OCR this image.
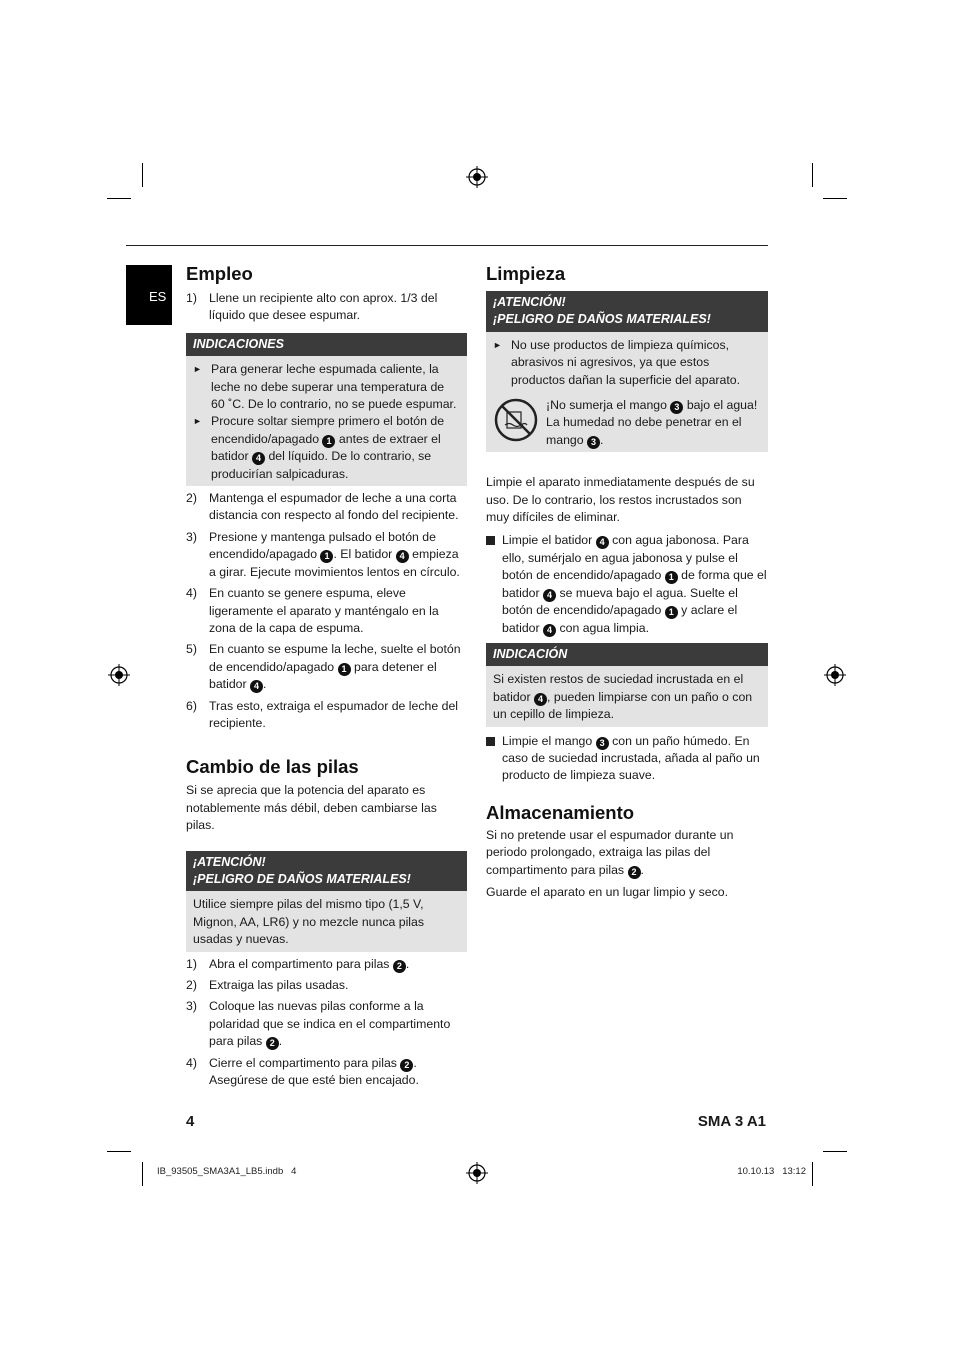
ES
Empleo
1) Llene un recipiente alto con aprox. 1/3 del líquido que desee espumar.
INDICACIONES
► Para generar leche espumada caliente, la leche no debe superar una temperatura de 60 ˚C. De lo contrario, no se puede espumar.
► Procure soltar siempre primero el botón de encendido/apagado 1 antes de extraer el batidor 4 del líquido. De lo contrario, se producirían salpicaduras.
2) Mantenga el espumador de leche a una corta distancia con respecto al fondo del recipiente.
3) Presione y mantenga pulsado el botón de encendido/apagado 1 . El batidor 4 empieza a girar. Ejecute movimientos lentos en círculo.
4) En cuanto se genere espuma, eleve ligeramente el aparato y manténgalo en la zona de la capa de espuma.
5) En cuanto se espume la leche, suelte el botón de encendido/apagado 1 para detener el batidor 4 .
6) Tras esto, extraiga el espumador de leche del recipiente.
Cambio de las pilas

Si se aprecia que la potencia del aparato es notablemente más débil, deben cambiarse las pilas.

¡ATENCIÓN!
¡PELIGRO DE DAÑOS MATERIALES!
Utilice siempre pilas del mismo tipo (1,5 V, Mignon, AA, LR6) y no mezcle nunca pilas usadas y nuevas.
1) Abra el compartimento para pilas 2 .
2) Extraiga las pilas usadas.
3) Coloque las nuevas pilas conforme a la polaridad que se indica en el compartimento para pilas 2 .
4) Cierre el compartimento para pilas 2 . Asegúrese de que esté bien encajado.
Limpieza
¡ATENCIÓN!
¡PELIGRO DE DAÑOS MATERIALES!
► No use productos de limpieza químicos, abrasivos ni agresivos, ya que estos productos dañan la superficie del aparato.
¡No sumerja el mango 3 bajo el agua! La humedad no debe penetrar en el mango 3 .

Limpie el aparato inmediatamente después de su uso. De lo contrario, los restos incrustados son muy difíciles de eliminar.

Limpie el batidor 4 con agua jabonosa. Para ello, sumérjalo en agua jabonosa y pulse el botón de encendido/apagado 1 de forma que el batidor 4 se mueva bajo el agua. Suelte el botón de encendido/apagado 1 y aclare el batidor 4 con agua limpia.
INDICACIÓN
Si existen restos de suciedad incrustada en el batidor 4 , pueden limpiarse con un paño o con un cepillo de limpieza.
Limpie el mango 3 con un paño húmedo. En caso de suciedad incrustada, añada al paño un producto de limpieza suave.
Almacenamiento

Si no pretende usar el espumador durante un periodo prolongado, extraiga las pilas del compartimento para pilas 2 .

Guarde el aparato en un lugar limpio y seco.

4	SMA 3 A1
IB_93505_SMA3A1_LB5.indb   4	10.10.13   13:12
